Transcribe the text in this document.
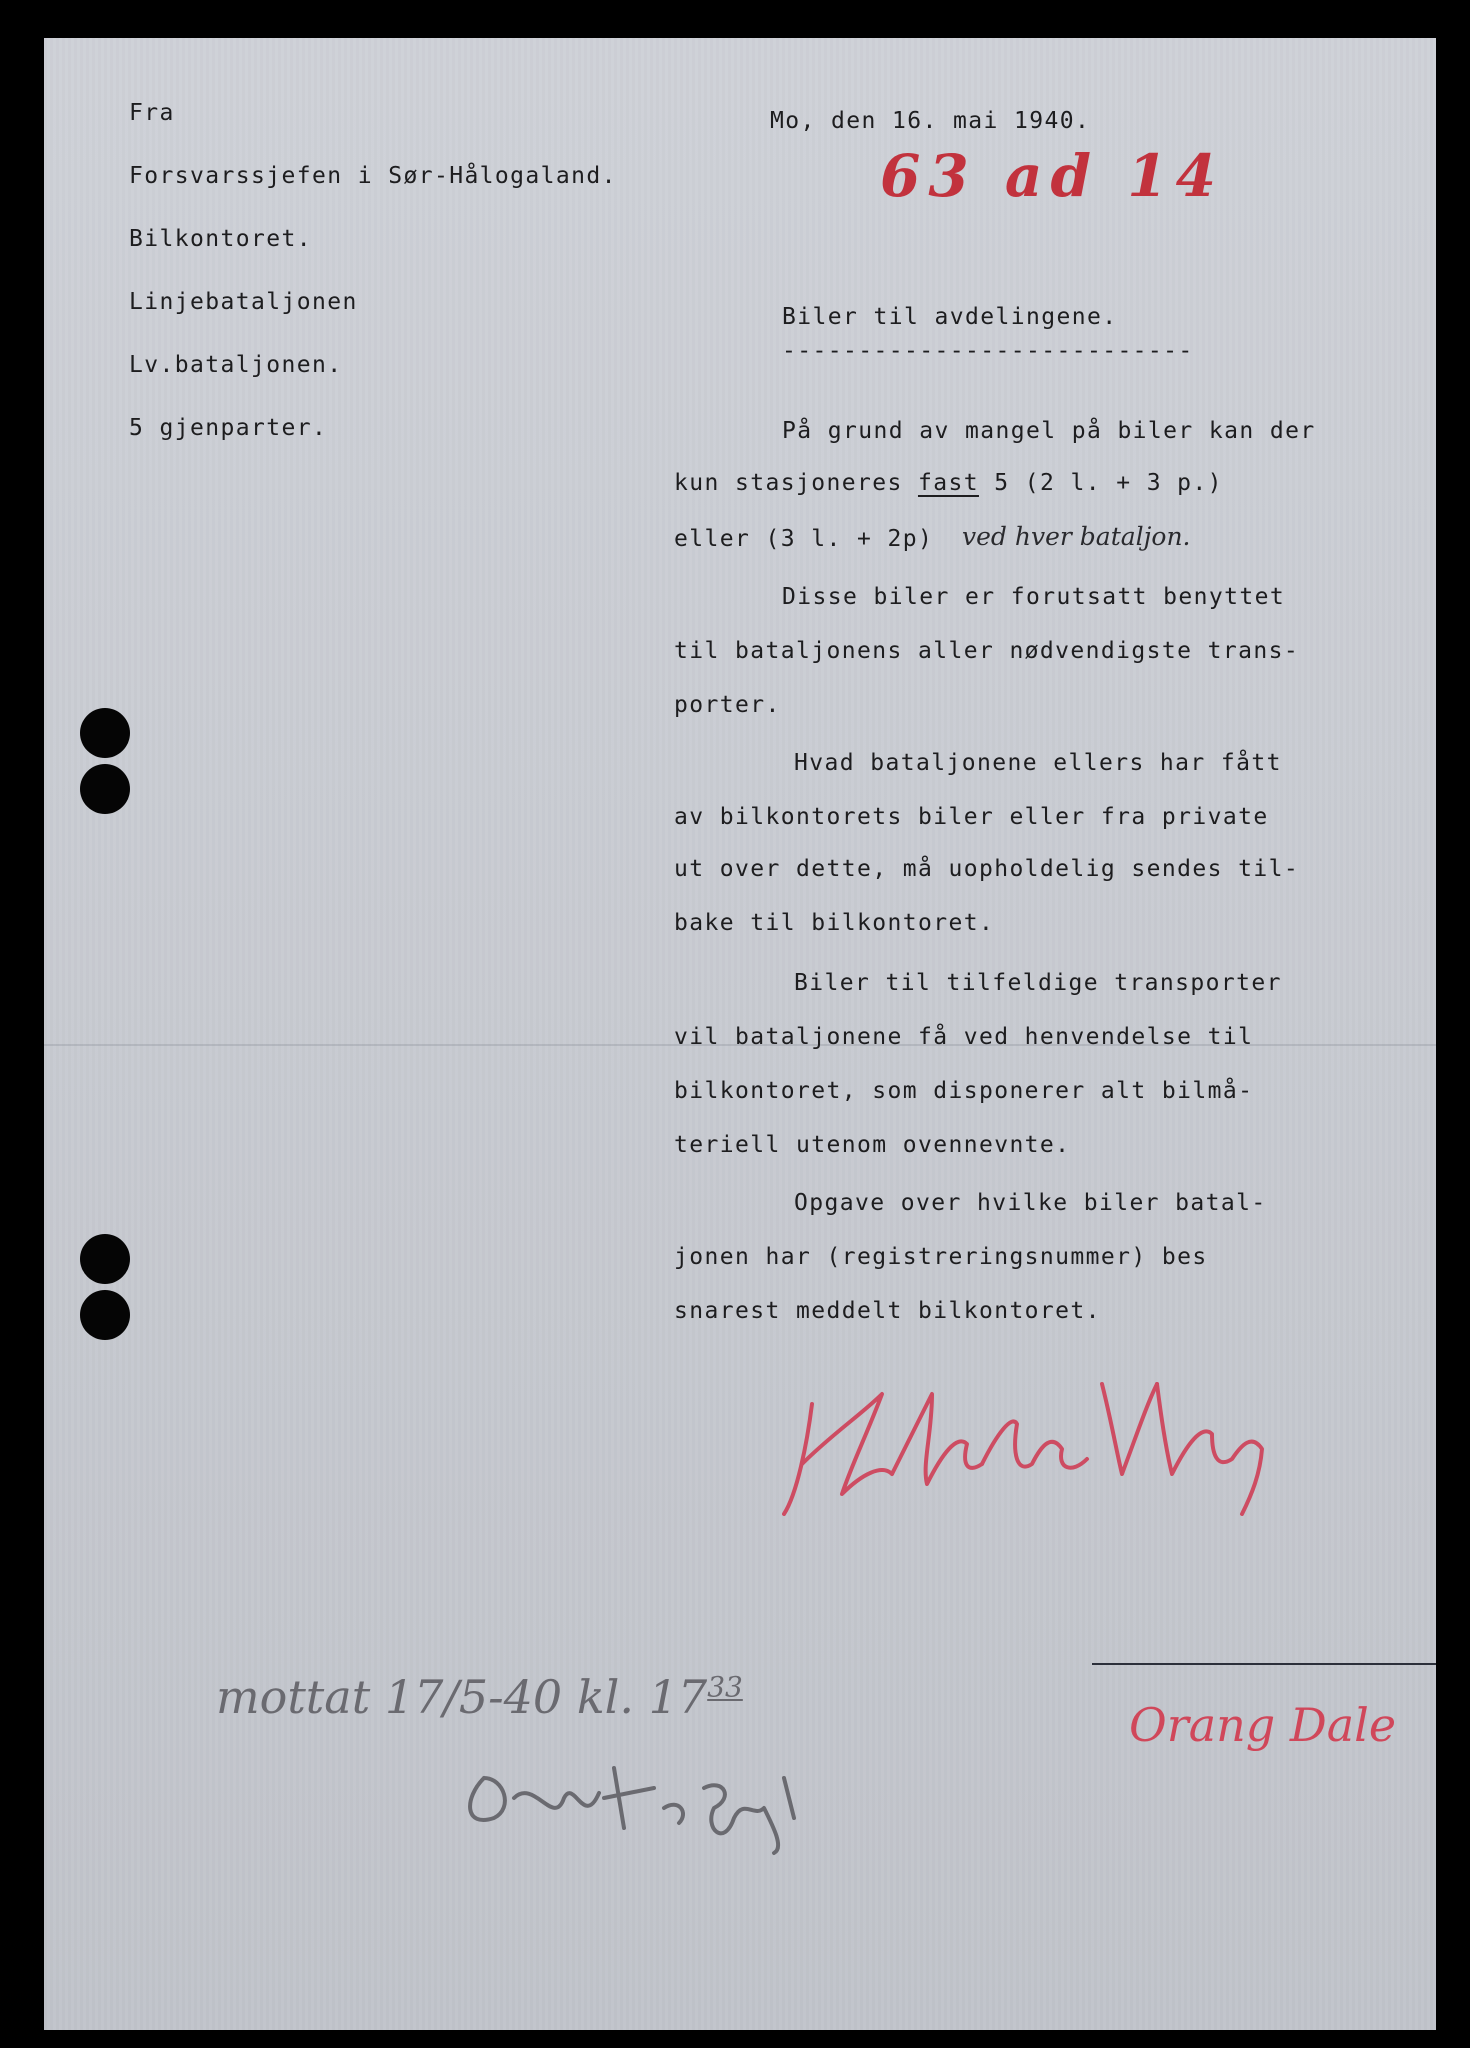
Fra
Forsvarssjefen i Sør-Hålogaland.
Bilkontoret.
Linjebataljonen
Lv.bataljonen.
5 gjenparter.
Mo, den 16. mai 1940.
63 ad 14
Biler til avdelingene.
---------------------------
På grund av mangel på biler kan der
kun stasjoneres fast 5 (2 l. + 3 p.)
eller (3 l. + 2p) ved hver bataljon.
Disse biler er forutsatt benyttet
til bataljonens aller nødvendigste trans-
porter.
Hvad bataljonene ellers har fått
av bilkontorets biler eller fra private
ut over dette, må uopholdelig sendes til-
bake til bilkontoret.
Biler til tilfeldige transporter
vil bataljonene få ved henvendelse til
bilkontoret, som disponerer alt bilmå-
teriell utenom ovennevnte.
Opgave over hvilke biler batal-
jonen har (registreringsnummer) bes
snarest meddelt bilkontoret.
mottat 17/5-40 kl. $17^{33}$
Orang Dale
